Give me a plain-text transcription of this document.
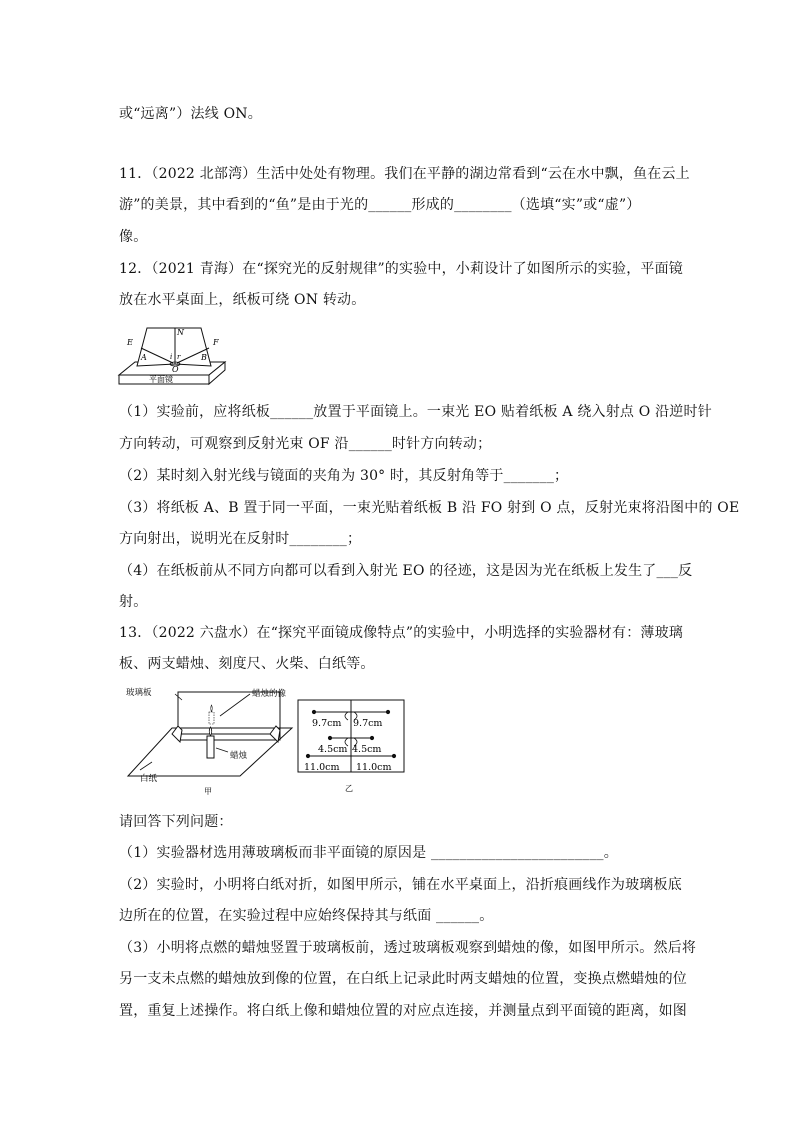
或“远离”）法线 ON。
11．（2022 北部湾）生活中处处有物理。我们在平静的湖边常看到“云在水中飘，鱼在云上
游”的美景，其中看到的“鱼”是由于光的______形成的________（选填“实”或“虚”）
像。
12．（2021 青海）在“探究光的反射规律”的实验中，小莉设计了如图所示的实验，平面镜
放在水平桌面上，纸板可绕 ON 转动。
（1）实验前，应将纸板______放置于平面镜上。一束光 EO 贴着纸板 A 绕入射点 O 沿逆时针
方向转动，可观察到反射光束 OF 沿______时针方向转动；
（2）某时刻入射光线与镜面的夹角为 30° 时，其反射角等于_______；
（3）将纸板 A、B 置于同一平面，一束光贴着纸板 B 沿 FO 射到 O 点，反射光束将沿图中的 OE
方向射出，说明光在反射时________；
（4）在纸板前从不同方向都可以看到入射光 EO 的径迹，这是因为光在纸板上发生了___反
射。
13．（2022 六盘水）在“探究平面镜成像特点”的实验中，小明选择的实验器材有：薄玻璃
板、两支蜡烛、刻度尺、火柴、白纸等。
请回答下列问题：
（1）实验器材选用薄玻璃板而非平面镜的原因是 ________________________。
（2）实验时，小明将白纸对折，如图甲所示，铺在水平桌面上，沿折痕画线作为玻璃板底
边所在的位置，在实验过程中应始终保持其与纸面 ______。
（3）小明将点燃的蜡烛竖置于玻璃板前，透过玻璃板观察到蜡烛的像，如图甲所示。然后将
另一支未点燃的蜡烛放到像的位置，在白纸上记录此时两支蜡烛的位置，变换点燃蜡烛的位
置，重复上述操作。将白纸上像和蜡烛位置的对应点连接，并测量点到平面镜的距离，如图
N
E	F
A	B
i r
O
平面镜
玻璃板	蜡烛的像
蜡烛
白纸
甲
9.7cm 9.7cm
4.5cm 4.5cm
11.0cm 11.0cm
乙
